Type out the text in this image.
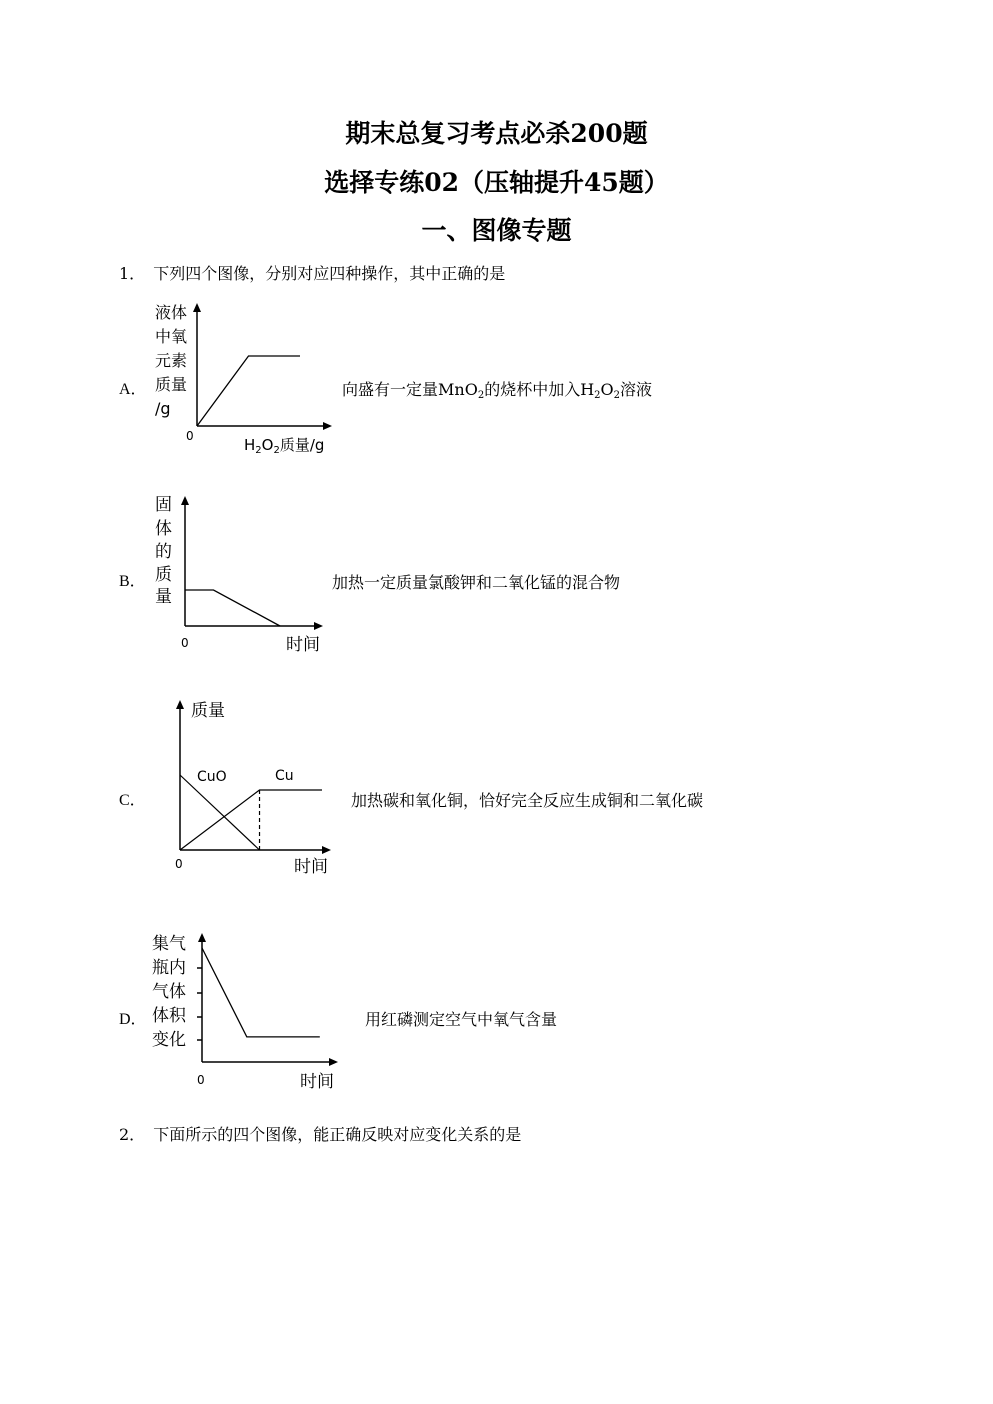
期末总复习考点必杀200题
选择专练02（压轴提升45题）
一、图像专题
1． 下列四个图像，分别对应四种操作，其中正确的是
A．
液体
中氧
元素
质量
/g
0	$H_2O_2$质量/g
向盛有一定量MnO$_2$的烧杯中加入$H_2O_2$溶液
B．
固
体
的
质
量
0	时间
加热一定质量氯酸钾和二氧化锰的混合物
C．
质量
CuO	Cu
0	时间
加热碳和氧化铜，恰好完全反应生成铜和二氧化碳
D．
集气
瓶内
气体
体积
变化
0	时间
用红磷测定空气中氧气含量
2． 下面所示的四个图像，能正确反映对应变化关系的是
